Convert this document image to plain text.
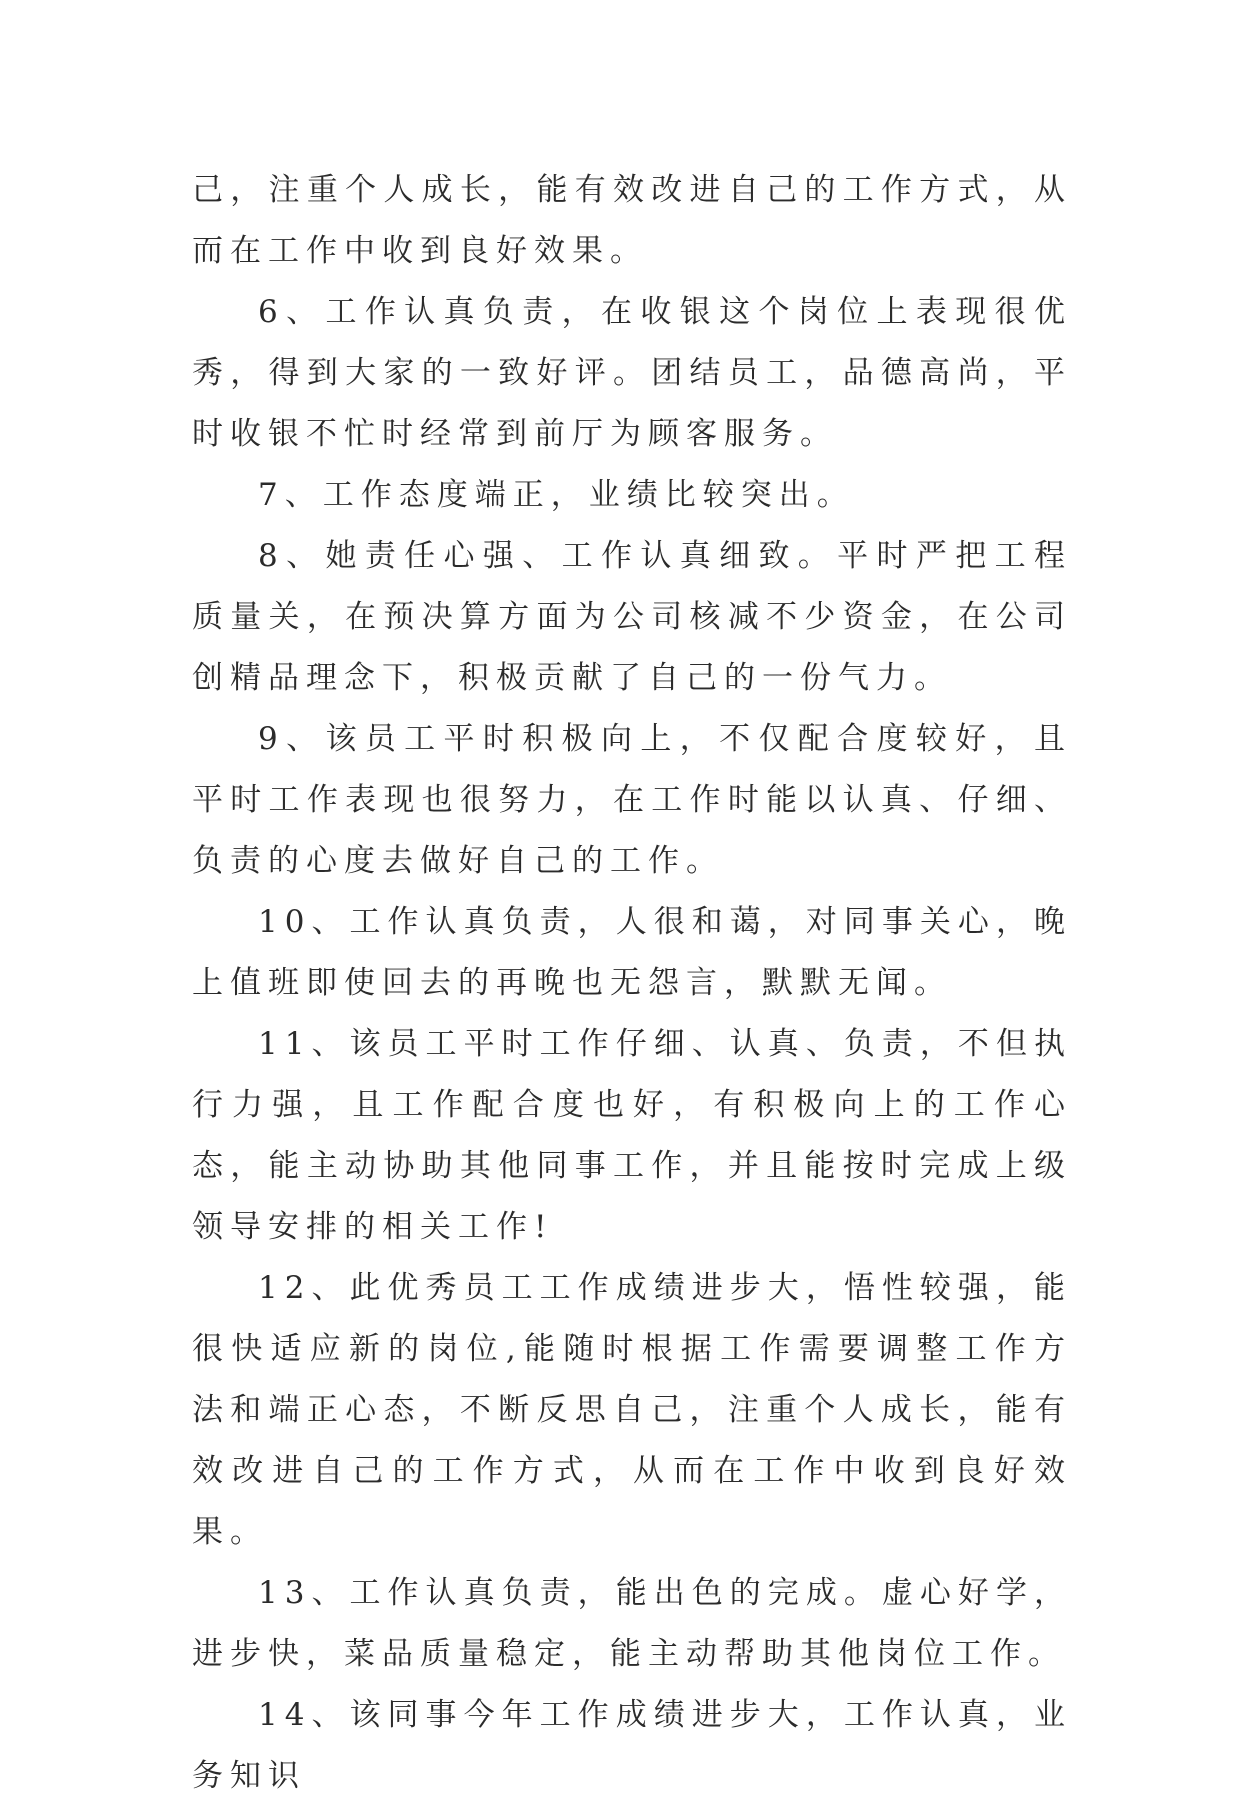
己，注重个人成长，能有效改进自己的工作方式，从而在工作中收到良好效果。

6、工作认真负责，在收银这个岗位上表现很优秀，得到大家的一致好评。团结员工，品德高尚，平时收银不忙时经常到前厅为顾客服务。

7、工作态度端正，业绩比较突出。

8、她责任心强、工作认真细致。平时严把工程质量关，在预决算方面为公司核减不少资金，在公司创精品理念下，积极贡献了自己的一份气力。

9、该员工平时积极向上，不仅配合度较好，且平时工作表现也很努力，在工作时能以认真、仔细、负责的心度去做好自己的工作。

10、工作认真负责，人很和蔼，对同事关心，晚上值班即使回去的再晚也无怨言，默默无闻。

11、该员工平时工作仔细、认真、负责，不但执行力强，且工作配合度也好，有积极向上的工作心态，能主动协助其他同事工作，并且能按时完成上级领导安排的相关工作!

12、此优秀员工工作成绩进步大，悟性较强，能很快适应新的岗位,能随时根据工作需要调整工作方法和端正心态，不断反思自己，注重个人成长，能有效改进自己的工作方式，从而在工作中收到良好效果。

13、工作认真负责，能出色的完成。虚心好学，进步快，菜品质量稳定，能主动帮助其他岗位工作。

14、该同事今年工作成绩进步大，工作认真，业务知识
